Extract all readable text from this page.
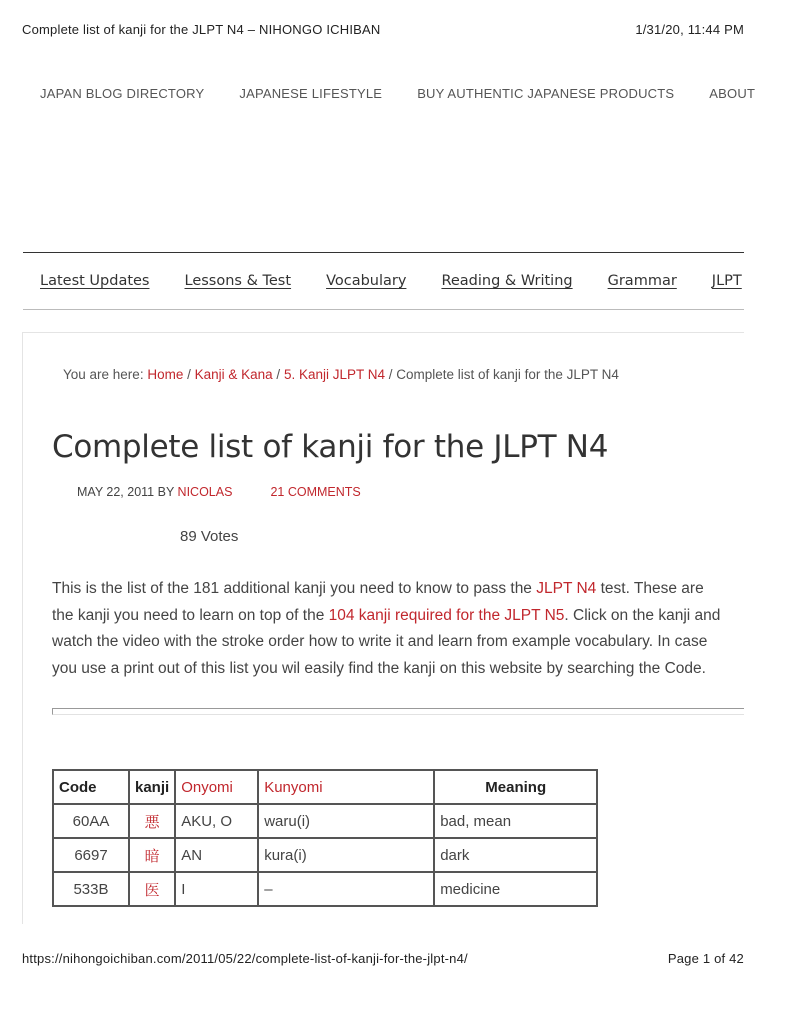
Complete list of kanji for the JLPT N4 – NIHONGO ICHIBAN	1/31/20, 11:44 PM
JAPAN BLOG DIRECTORY	JAPANESE LIFESTYLE	BUY AUTHENTIC JAPANESE PRODUCTS	ABOUT
Latest Updates Lessons & Test Vocabulary Reading & Writing Grammar JLPT
You are here: Home / Kanji & Kana / 5. Kanji JLPT N4 / Complete list of kanji for the JLPT N4
Complete list of kanji for the JLPT N4
MAY 22, 2011 BY NICOLAS	21 COMMENTS
89 Votes

This is the list of the 181 additional kanji you need to know to pass the JLPT N4 test. These are
the kanji you need to learn on top of the 104 kanji required for the JLPT N5. Click on the kanji and
watch the video with the stroke order how to write it and learn from example vocabulary. In case
you use a print out of this list you wil easily find the kanji on this website by searching the Code.

Code	kanji	Onyomi	Kunyomi	Meaning
60AA	悪	AKU, O	waru(i)	bad, mean
6697	暗	AN	kura(i)	dark
533B	医	I	–	medicine
https://nihongoichiban.com/2011/05/22/complete-list-of-kanji-for-the-jlpt-n4/	Page 1 of 42
